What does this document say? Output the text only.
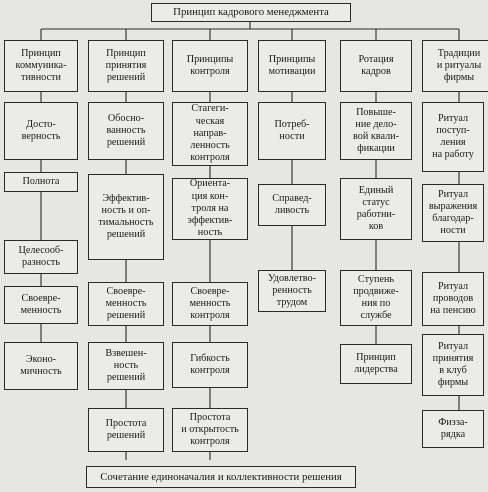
Принцип кадрового менеджмента
Принцип
коммуника-
тивности
Досто-
верность
Полнота
Целесооб-
разность
Своевре-
менность
Эконо-
мичность
Принцип
принятия
решений
Обосно-
ванность
решений
Эффектив-
ность и оп-
тимальность
решений
Своевре-
менность
решений
Взвешен-
ность
решений
Простота
решений
Принципы
контроля
Стагеги-
ческая
направ-
ленность
контроля
Ориента-
ция кон-
троля на
эффектив-
ность
Своевре-
менность
контроля
Гибкость
контроля
Простота
и открытость
контроля
Принципы
мотивации
Потреб-
ности
Справед-
ливость
Удовлетво-
ренность
трудом
Ротация
кадров
Повыше-
ние дело-
вой квали-
фикации
Единый
статус
работни-
ков
Ступень
продвиже-
ния по
службе
Принцип
лидерства
Традиции
и ритуалы
фирмы
Ритуал
поступ-
ления
на работу
Ритуал
выражения
благодар-
ности
Ритуал
проводов
на пенсию
Ритуал
принятия
в клуб
фирмы
Физза-
рядка
Сочетание единоначалия и коллективности решения
